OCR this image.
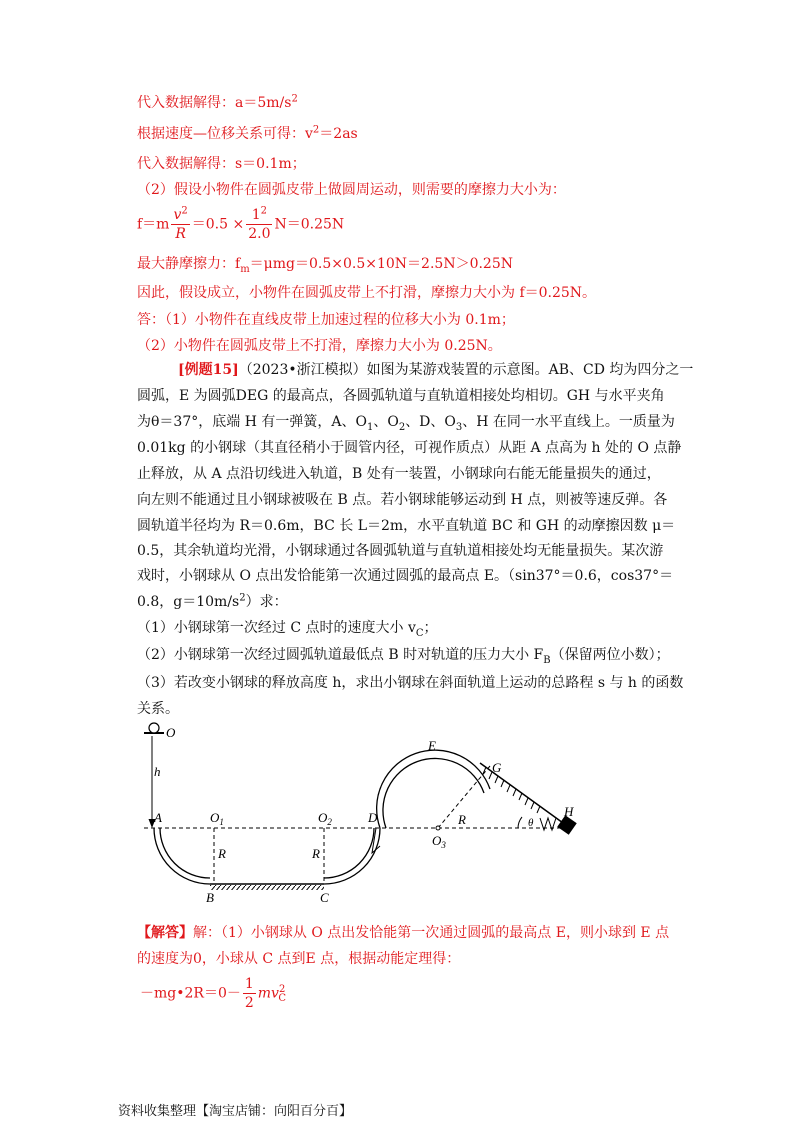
代入数据解得：$a=5m/s^2$
根据速度—位移关系可得：$v^2=2as$
代入数据解得：s＝0.1m；
（2）假设小物件在圆弧皮带上做圆周运动，则需要的摩擦力大小为：
$f=m \frac{v^2}{R} =0.5 \times \frac{1^2}{2.0} N=0.25N$
最大静摩擦力：$f_m=\mu mg=0.5\times 0.5\times 10N=2.5N>0.25N$
因此，假设成立，小物件在圆弧皮带上不打滑，摩擦力大小为 f＝0.25N。
答：（1）小物件在直线皮带上加速过程的位移大小为 0.1m；
（2）小物件在圆弧皮带上不打滑，摩擦力大小为 0.25N。
[例题15]（2023•浙江模拟）如图为某游戏装置的示意图。AB、CD 均为四分之一
圆弧，E 为圆弧DEG 的最高点，各圆弧轨道与直轨道相接处均相切。GH 与水平夹角
为θ＝37°，底端 H 有一弹簧，A、$O_1$、$O_2$、D、$O_3$、H 在同一水平直线上。一质量为
0.01kg 的小钢球（其直径稍小于圆管内径，可视作质点）从距 A 点高为 h 处的 O 点静
止释放，从 A 点沿切线进入轨道，B 处有一装置，小钢球向右能无能量损失的通过，
向左则不能通过且小钢球被吸在 B 点。若小钢球能够运动到 H 点，则被等速反弹。各
圆轨道半径均为 R＝0.6m，BC 长 L＝2m，水平直轨道 BC 和 GH 的动摩擦因数 μ＝
0.5，其余轨道均光滑，小钢球通过各圆弧轨道与直轨道相接处均无能量损失。某次游
戏时，小钢球从 O 点出发恰能第一次通过圆弧的最高点 E。（sin37°＝0.6，cos37°＝
0.8，$g=10m/s^2$）求：
（1）小钢球第一次经过 C 点时的速度大小 $v_C$；
（2）小钢球第一次经过圆弧轨道最低点 B 时对轨道的压力大小 $F_B$（保留两位小数）；
（3）若改变小钢球的释放高度 h，求出小钢球在斜面轨道上运动的总路程 s 与 h 的函数
关系。
O
h
A	$O_1$	$O_2$	D
E
G
R	R
R
$O_3$
θ
H
B	C
【解答】解：（1）小钢球从 O 点出发恰能第一次通过圆弧的最高点 E，则小球到 E 点
的速度为0，小球从 C 点到E 点，根据动能定理得：
－mg•2R＝0－ $\frac{1}{2} mv^2_C$
资料收集整理【淘宝店铺：向阳百分百】
